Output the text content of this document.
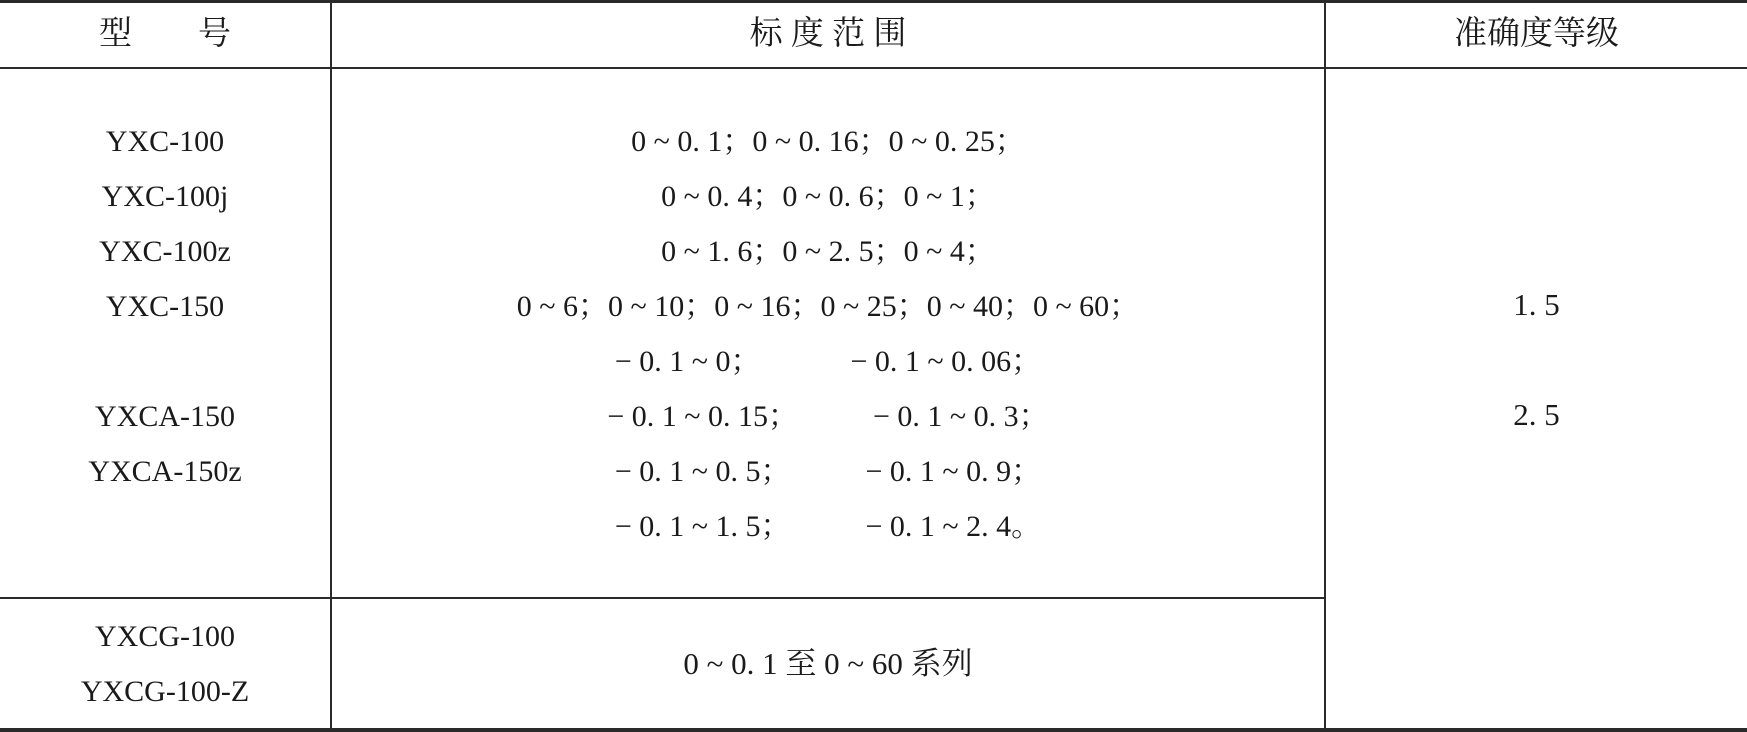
型　　号	标 度 范 围	准确度等级
YXC-100
YXC-100j
YXC-100z
YXC-150
YXCA-150
YXCA-150z
0 ~ 0. 1；0 ~ 0. 16；0 ~ 0. 25；
0 ~ 0. 4；0 ~ 0. 6；0 ~ 1；
0 ~ 1. 6；0 ~ 2. 5；0 ~ 4；
0 ~ 6；0 ~ 10；0 ~ 16；0 ~ 25；0 ~ 40；0 ~ 60；
− 0. 1 ~ 0；            − 0. 1 ~ 0. 06；
− 0. 1 ~ 0. 15；          − 0. 1 ~ 0. 3；
− 0. 1 ~ 0. 5；          − 0. 1 ~ 0. 9；
− 0. 1 ~ 1. 5；          − 0. 1 ~ 2. 4。
1. 5
2. 5
YXCG-100
YXCG-100-Z
0 ~ 0. 1 至 0 ~ 60 系列
